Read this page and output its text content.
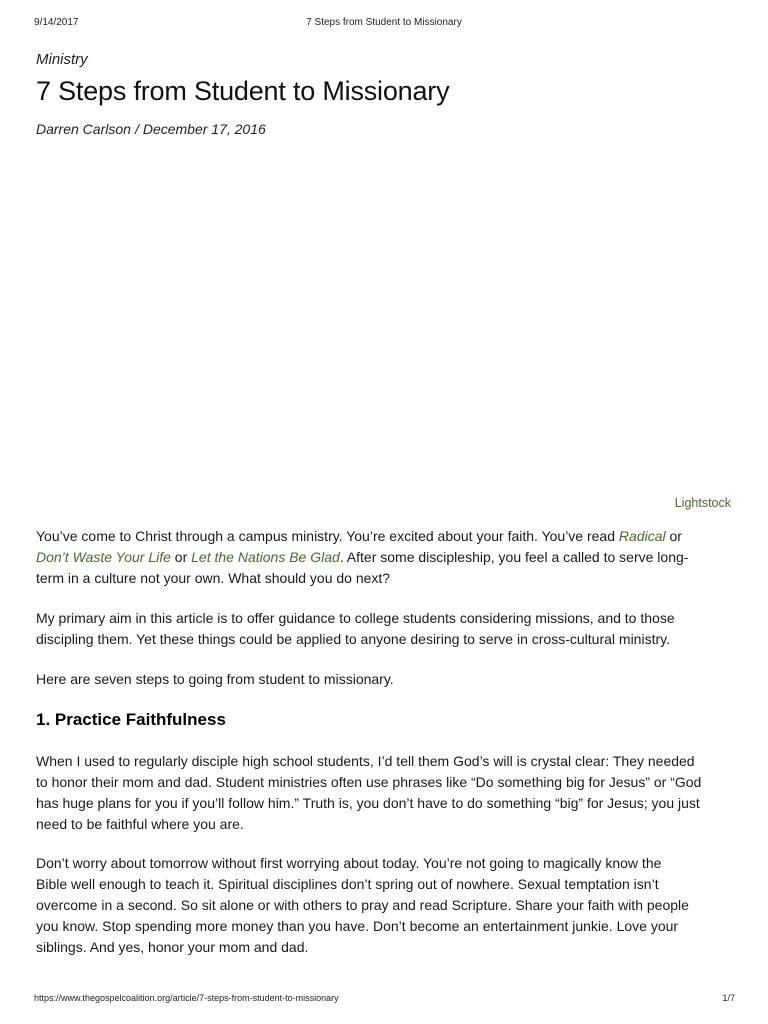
9/14/2017	7 Steps from Student to Missionary
Ministry
7 Steps from Student to Missionary
Darren Carlson / December 17, 2016
Lightstock
You’ve come to Christ through a campus ministry. You’re excited about your faith. You’ve read Radical or
Don’t Waste Your Life or Let the Nations Be Glad. After some discipleship, you feel a called to serve long-
term in a culture not your own. What should you do next?
My primary aim in this article is to offer guidance to college students considering missions, and to those
discipling them. Yet these things could be applied to anyone desiring to serve in cross-cultural ministry.

Here are seven steps to going from student to missionary.

1. Practice Faithfulness
When I used to regularly disciple high school students, I’d tell them God’s will is crystal clear: They needed
to honor their mom and dad. Student ministries often use phrases like “Do something big for Jesus” or “God
has huge plans for you if you’ll follow him.” Truth is, you don’t have to do something “big” for Jesus; you just
need to be faithful where you are.
Don’t worry about tomorrow without first worrying about today. You’re not going to magically know the
Bible well enough to teach it. Spiritual disciplines don’t spring out of nowhere. Sexual temptation isn’t
overcome in a second. So sit alone or with others to pray and read Scripture. Share your faith with people
you know. Stop spending more money than you have. Don’t become an entertainment junkie. Love your
siblings. And yes, honor your mom and dad.
https://www.thegospelcoalition.org/article/7-steps-from-student-to-missionary	1/7
